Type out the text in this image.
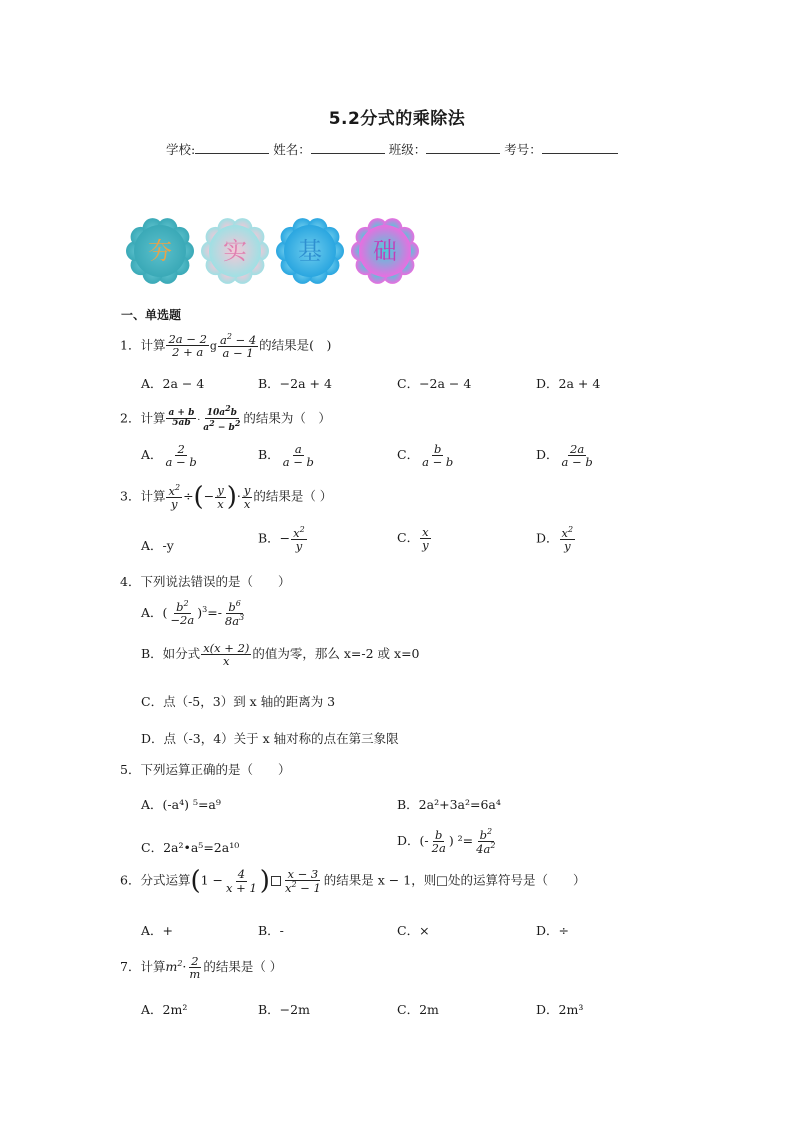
5.2分式的乘除法
学校:	姓名：	班级：	考号：
夯 实 基 础
一、单选题
1．计算 $\frac{2a - 2}{2 + a}$ g $\frac{a^2 - 4}{a - 1}$ 的结果是(　)
A．2a − 4	B．−2a + 4	C．−2a − 4	D．2a + 4
2．计算 $\frac{a + b}{5ab} \cdot \frac{10a^2b}{a^2 - b^2}$ 的结果为（　）
A． $\frac{2}{a - b}$	B． $\frac{a}{a - b}$	C． $\frac{b}{a - b}$	D． $\frac{2a}{a - b}$
3．计算 $\frac{x^2}{y}$ ÷(− $\frac{y}{x}$ )· $\frac{y}{x}$ 的结果是（ ）
A．-y
B．− $\frac{x^2}{y}$	C． $\frac{x}{y}$	D． $\frac{x^2}{y}$
4．下列说法错误的是（　　）
A．( $\frac{b^2}{-2a} )^3=- \frac{b^6}{8a^3}$
B．如分式 $\frac{x(x + 2)}{x}$ 的值为零，那么 x=-2 或 x=0
C．点（-5，3）到 x 轴的距离为 3
D．点（-3，4）关于 x 轴对称的点在第三象限
5．下列运算正确的是（　　）
A．(-a⁴) ⁵=a⁹	B．2a²+3a²=6a⁴
C．2a²•a⁵=2a¹⁰	D．(- $\frac{b}{2a}$ ) $^2= \frac{b^2}{4a^2}$
6．分式运算($1 - \frac{4}{x + 1}$ ) $\frac{x - 3}{x^2 - 1}$ 的结果是 x − 1，则□处的运算符号是（　　）
A．+	B．-	C．×	D．÷
7．计算$m^2\cdot \frac{2}{m}$ 的结果是（ ）
A．2m²	B．−2m	C．2m	D．2m³
